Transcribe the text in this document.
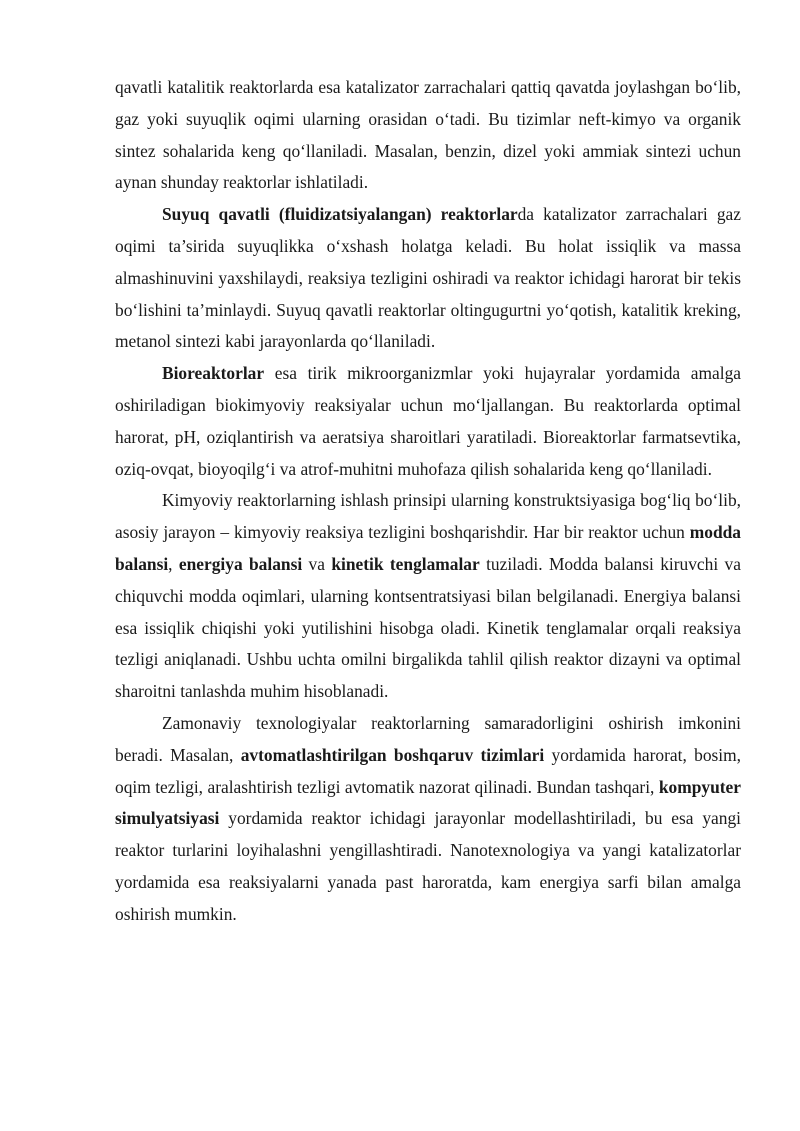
qavatli katalitik reaktorlarda esa katalizator zarrachalari qattiq qavatda joylashgan bo‘lib, gaz yoki suyuqlik oqimi ularning orasidan o‘tadi. Bu tizimlar neft-kimyo va organik sintez sohalarida keng qo‘llaniladi. Masalan, benzin, dizel yoki ammiak sintezi uchun aynan shunday reaktorlar ishlatiladi.

Suyuq qavatli (fluidizatsiyalangan) reaktorlarda katalizator zarrachalari gaz oqimi ta’sirida suyuqlikka o‘xshash holatga keladi. Bu holat issiqlik va massa almashinuvini yaxshilaydi, reaksiya tezligini oshiradi va reaktor ichidagi harorat bir tekis bo‘lishini ta’minlaydi. Suyuq qavatli reaktorlar oltingugurtni yo‘qotish, katalitik kreking, metanol sintezi kabi jarayonlarda qo‘llaniladi.

Bioreaktorlar esa tirik mikroorganizmlar yoki hujayralar yordamida amalga oshiriladigan biokimyoviy reaksiyalar uchun mo‘ljallangan. Bu reaktorlarda optimal harorat, pH, oziqlantirish va aeratsiya sharoitlari yaratiladi. Bioreaktorlar farmatsevtika, oziq-ovqat, bioyoqilg‘i va atrof-muhitni muhofaza qilish sohalarida keng qo‘llaniladi.

Kimyoviy reaktorlarning ishlash prinsipi ularning konstruktsiyasiga bog‘liq bo‘lib, asosiy jarayon – kimyoviy reaksiya tezligini boshqarishdir. Har bir reaktor uchun modda balansi, energiya balansi va kinetik tenglamalar tuziladi. Modda balansi kiruvchi va chiquvchi modda oqimlari, ularning kontsentratsiyasi bilan belgilanadi. Energiya balansi esa issiqlik chiqishi yoki yutilishini hisobga oladi. Kinetik tenglamalar orqali reaksiya tezligi aniqlanadi. Ushbu uchta omilni birgalikda tahlil qilish reaktor dizayni va optimal sharoitni tanlashda muhim hisoblanadi.

Zamonaviy texnologiyalar reaktorlarning samaradorligini oshirish imkonini beradi. Masalan, avtomatlashtirilgan boshqaruv tizimlari yordamida harorat, bosim, oqim tezligi, aralashtirish tezligi avtomatik nazorat qilinadi. Bundan tashqari, kompyuter simulyatsiyasi yordamida reaktor ichidagi jarayonlar modellashtiriladi, bu esa yangi reaktor turlarini loyihalashni yengillashtiradi. Nanotexnologiya va yangi katalizatorlar yordamida esa reaksiyalarni yanada past haroratda, kam energiya sarfi bilan amalga oshirish mumkin.
